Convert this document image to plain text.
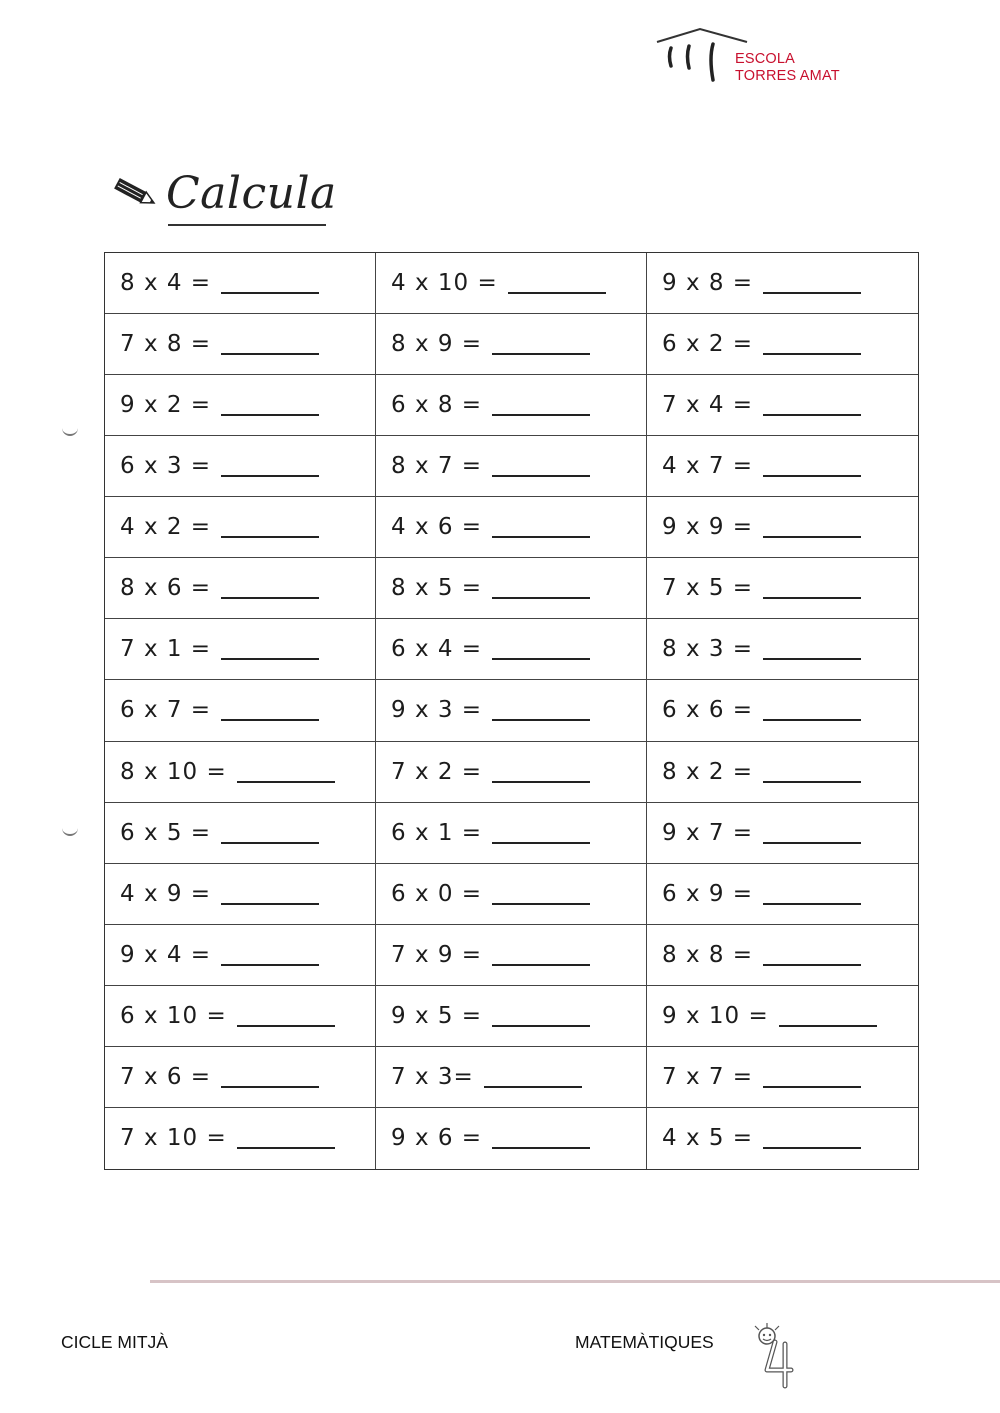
ESCOLA
TORRES AMAT
Calcula
8 x 4 =	4 x 10 =	9 x 8 =
7 x 8 =	8 x 9 =	6 x 2 =
9 x 2 =	6 x 8 =	7 x 4 =
6 x 3 =	8 x 7 =	4 x 7 =
4 x 2 =	4 x 6 =	9 x 9 =
8 x 6 =	8 x 5 =	7 x 5 =
7 x 1 =	6 x 4 =	8 x 3 =
6 x 7 =	9 x 3 =	6 x 6 =
8 x 10 =	7 x 2 =	8 x 2 =
6 x 5 =	6 x 1 =	9 x 7 =
4 x 9 =	6 x 0 =	6 x 9 =
9 x 4 =	7 x 9 =	8 x 8 =
6 x 10 =	9 x 5 =	9 x 10 =
7 x 6 =	7 x 3=	7 x 7 =
7 x 10 =	9 x 6 =	4 x 5 =
CICLE MITJÀ	MATEMÀTIQUES
